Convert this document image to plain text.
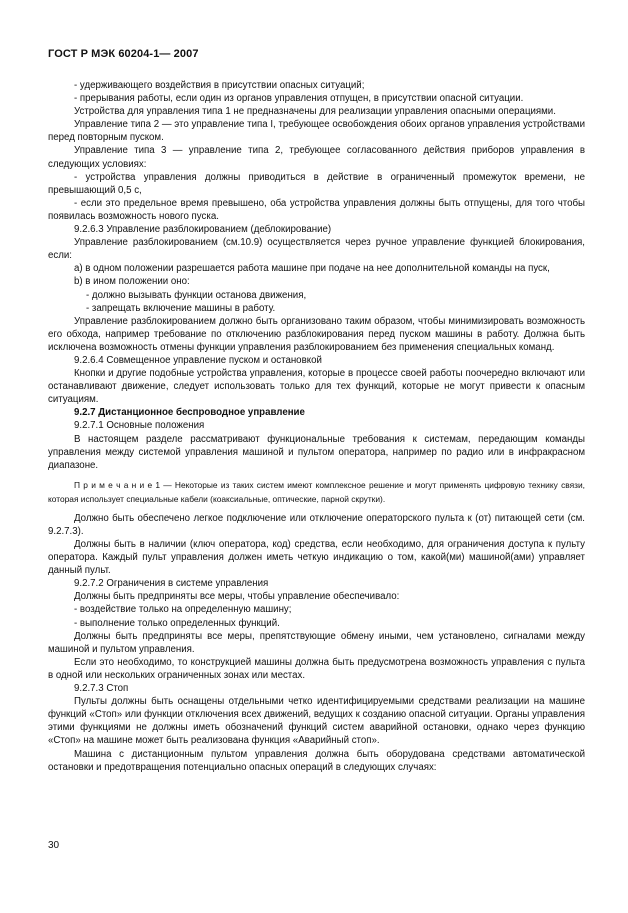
ГОСТ Р МЭК 60204-1— 2007

- удерживающего воздействия в присутствии опасных ситуаций;

- прерывания работы, если один из органов управления отпущен, в присутствии опасной ситуации.

Устройства для управления типа 1 не предназначены для реализации управления опасными операциями.

Управление типа 2 — это управление типа I, требующее освобождения обоих органов управления устройствами перед повторным пуском.

Управление типа 3 — управление типа 2, требующее согласованного действия приборов управления в следующих условиях:

- устройства управления должны приводиться в действие в ограниченный промежуток времени, не превышающий 0,5 с,

- если это предельное время превышено, оба устройства управления должны быть отпущены, для того чтобы появилась возможность нового пуска.

9.2.6.3 Управление разблокированием (деблокирование)

Управление разблокированием (см.10.9) осуществляется через ручное управление функцией блокирования, если:

а) в одном положении разрешается работа машине при подаче на нее дополнительной команды на пуск,

b) в ином положении оно:

- должно вызывать функции останова движения,

- запрещать включение машины в работу.

Управление разблокированием должно быть организовано таким образом, чтобы минимизировать возможность его обхода, например требование по отключению разблокирования перед пуском машины в работу. Должна быть исключена возможность отмены функции управления разблокированием без применения специальных команд.

9.2.6.4 Совмещенное управление пуском и остановкой

Кнопки и другие подобные устройства управления, которые в процессе своей работы поочередно включают или останавливают движение, следует использовать только для тех функций, которые не могут привести к опасным ситуациям.

9.2.7 Дистанционное беспроводное управление

9.2.7.1 Основные положения

В настоящем разделе рассматривают функциональные требования к системам, передающим команды управления между системой управления машиной и пультом оператора, например по радио или в инфракрасном диапазоне.

П р и м е ч а н и е 1 — Некоторые из таких систем имеют комплексное решение и могут применять цифровую технику связи, которая использует специальные кабели (коаксиальные, оптические, парной скрутки).

Должно быть обеспечено легкое подключение или отключение операторского пульта к (от) питающей сети (см. 9.2.7.3).

Должны быть в наличии (ключ оператора, код) средства, если необходимо, для ограничения доступа к пульту оператора. Каждый пульт управления должен иметь четкую индикацию о том, какой(ми) машиной(ами) управляет данный пульт.

9.2.7.2 Ограничения в системе управления

Должны быть предприняты все меры, чтобы управление обеспечивало:

- воздействие только на определенную машину;

- выполнение только определенных функций.

Должны быть предприняты все меры, препятствующие обмену иными, чем установлено, сигналами между машиной и пультом управления.

Если это необходимо, то конструкцией машины должна быть предусмотрена возможность управления с пульта в одной или нескольких ограниченных зонах или местах.

9.2.7.3 Стоп

Пульты должны быть оснащены отдельными четко идентифицируемыми средствами реализации на машине функций «Стоп» или функции отключения всех движений, ведущих к созданию опасной ситуации. Органы управления этими функциями не должны иметь обозначений функций систем аварийной остановки, однако через функцию «Стоп» на машине может быть реализована функция «Аварийный стоп».

Машина с дистанционным пультом управления должна быть оборудована средствами автоматической остановки и предотвращения потенциально опасных операций в следующих случаях:

30
